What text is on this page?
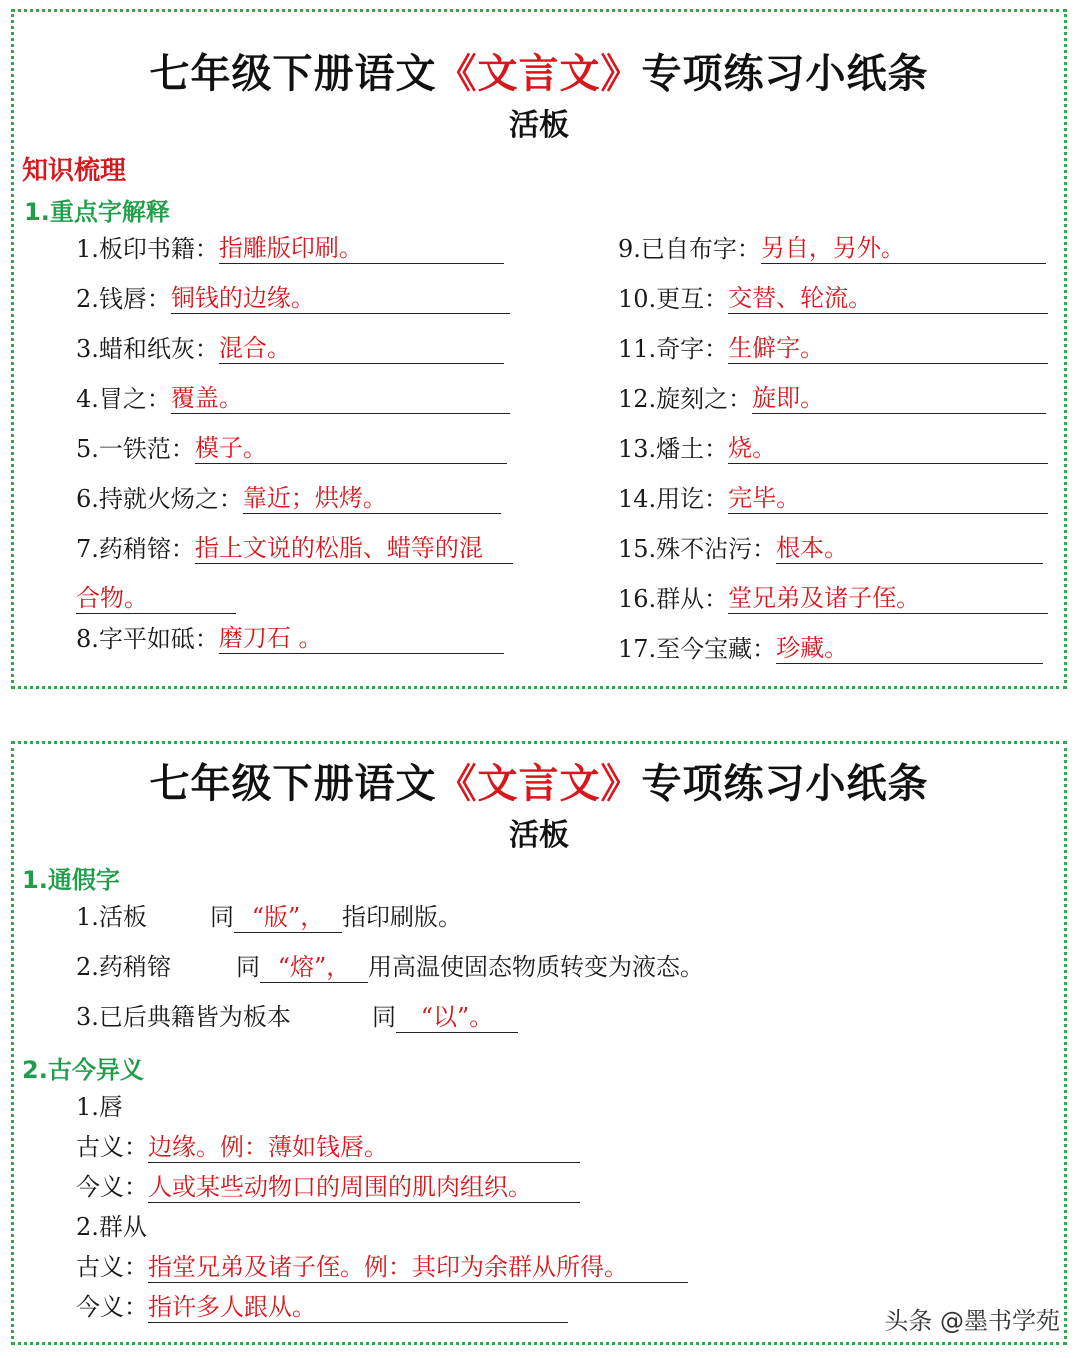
七年级下册语文《文言文》专项练习小纸条
活板
知识梳理
1.重点字解释
1.板印书籍：指雕版印刷。
2.钱唇：铜钱的边缘。
3.蜡和纸灰：混合。
4.冒之：覆盖。
5.一铁范：模子。
6.持就火炀之：靠近；烘烤。
7.药稍镕：指上文说的松脂、蜡等的混
合物。
8.字平如砥：磨刀石 。
9.已自布字：另自，另外。
10.更互：交替、轮流。
11.奇字：生僻字。
12.旋刻之：旋即。
13.燔土：烧。
14.用讫：完毕。
15.殊不沾污：根本。
16.群从：堂兄弟及诸子侄。
17.至今宝藏：珍藏。
七年级下册语文《文言文》专项练习小纸条
活板
1.通假字
1.活板	同 “版”， 指印刷版。
2.药稍镕	同 “熔”， 用高温使固态物质转变为液态。
3.已后典籍皆为板本	同 “以”。
2.古今异义
1.唇
古义：边缘。例：薄如钱唇。
今义：人或某些动物口的周围的肌肉组织。
2.群从
古义：指堂兄弟及诸子侄。例：其印为余群从所得。
今义：指许多人跟从。	头条 @墨书学苑
